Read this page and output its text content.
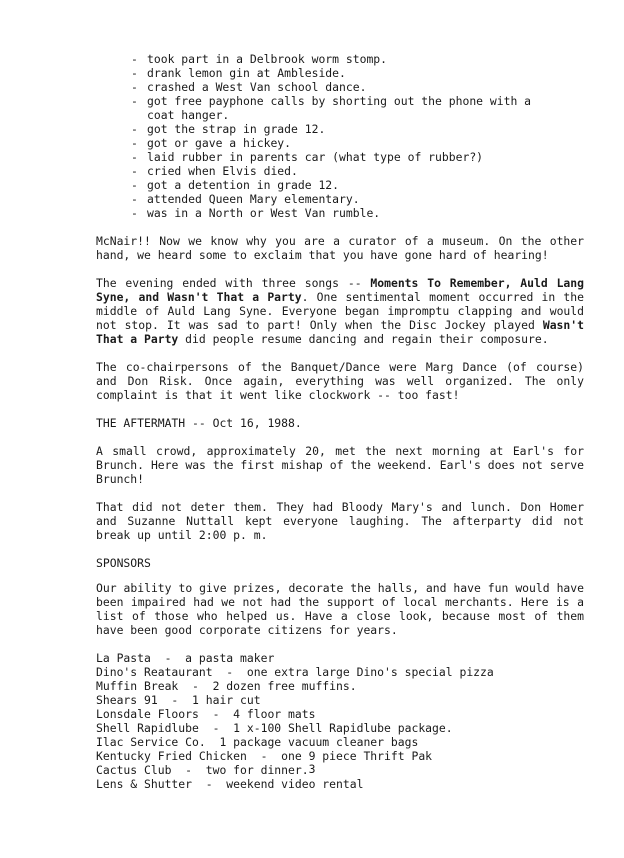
- took part in a Delbrook worm stomp.
- drank lemon gin at Ambleside.
- crashed a West Van school dance.
- got free payphone calls by shorting out the phone with a
coat hanger.
- got the strap in grade 12.
- got or gave a hickey.
- laid rubber in parents car (what type of rubber?)
- cried when Elvis died.
- got a detention in grade 12.
- attended Queen Mary elementary.
- was in a North or West Van rumble.

McNair!! Now we know why you are a curator of a museum. On the other hand, we heard some to exclaim that you have gone hard of hearing!

The evening ended with three songs -- Moments To Remember, Auld Lang Syne, and Wasn't That a Party. One sentimental moment occurred in the middle of Auld Lang Syne. Everyone began impromptu clapping and would not stop. It was sad to part! Only when the Disc Jockey played Wasn't That a Party did people resume dancing and regain their composure.

The co-chairpersons of the Banquet/Dance were Marg Dance (of course) and Don Risk. Once again, everything was well organized. The only complaint is that it went like clockwork -- too fast!

THE AFTERMATH -- Oct 16, 1988.

A small crowd, approximately 20, met the next morning at Earl's for Brunch. Here was the first mishap of the weekend. Earl's does not serve Brunch!

That did not deter them. They had Bloody Mary's and lunch. Don Homer and Suzanne Nuttall kept everyone laughing. The afterparty did not break up until 2:00 p. m.

SPONSORS

Our ability to give prizes, decorate the halls, and have fun would have been impaired had we not had the support of local merchants. Here is a list of those who helped us. Have a close look, because most of them have been good corporate citizens for years.

La Pasta  -  a pasta maker
Dino's Reataurant  -  one extra large Dino's special pizza
Muffin Break  -  2 dozen free muffins.
Shears 91  -  1 hair cut
Lonsdale Floors  -  4 floor mats
Shell Rapidlube  -  1 x-100 Shell Rapidlube package.
Ilac Service Co.  1 package vacuum cleaner bags
Kentucky Fried Chicken  -  one 9 piece Thrift Pak
Cactus Club  -  two for dinner.
Lens & Shutter  -  weekend video rental
3
